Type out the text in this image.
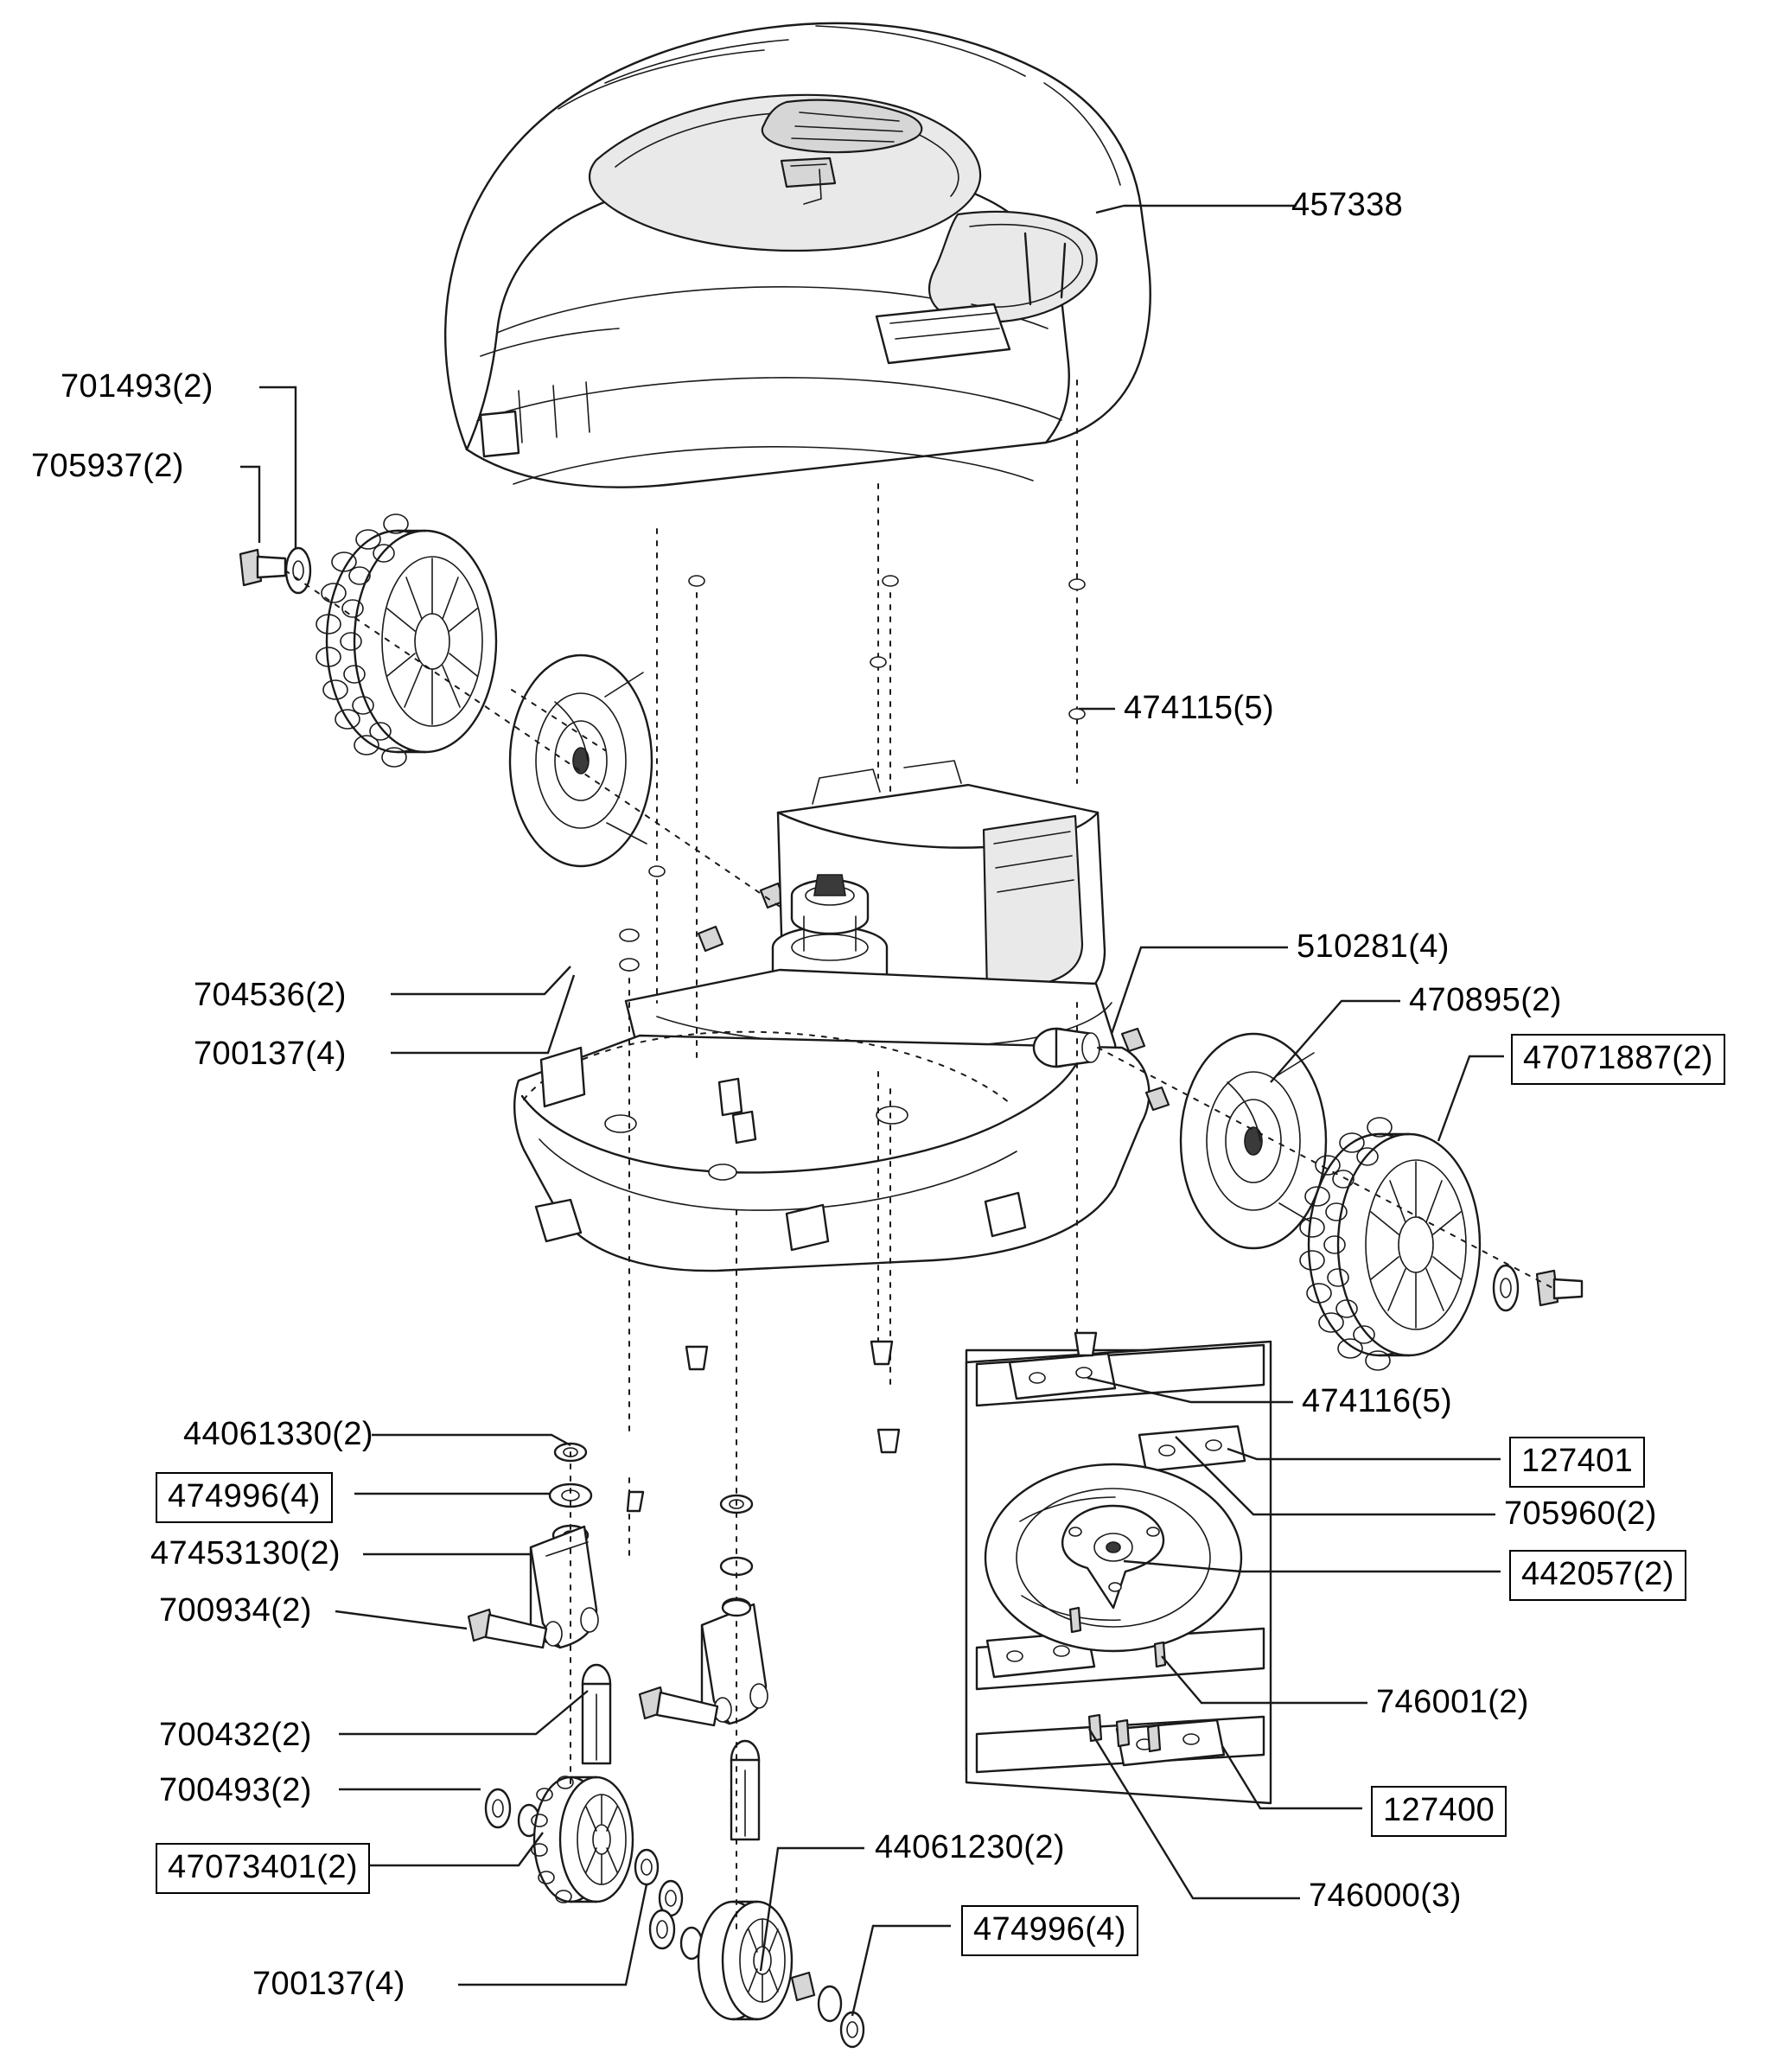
457338
701493(2)
705937(2)
474115(5)
510281(4)
470895(2)
47071887(2)
704536(2)
700137(4)
474116(5)
127401
705960(2)
442057(2)
746001(2)
127400
746000(3)
44061330(2)
474996(4)
47453130(2)
700934(2)
700432(2)
700493(2)
47073401(2)
700137(4)
44061230(2)
474996(4)
